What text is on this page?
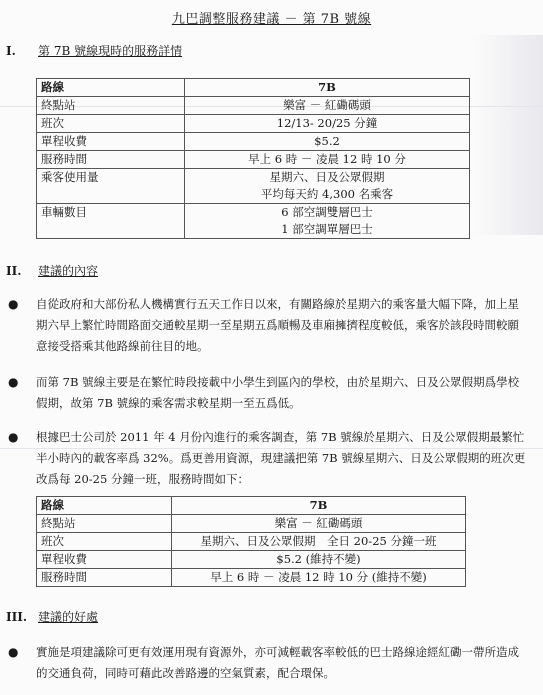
九巴調整服務建議 － 第 7B 號線
I. 第 7B 號線現時的服務詳情
路線	7B
終點站	樂富 － 紅磡碼頭
班次	12/13- 20/25 分鐘
單程收費	$5.2
服務時間	早上 6 時 － 凌晨 12 時 10 分
乘客使用量	星期六、日及公眾假期
平均每天約 4,300 名乘客

車輛數目	6 部空調雙層巴士
1 部空調單層巴士
II. 建議的內容
● 自從政府和大部份私人機構實行五天工作日以來，有關路線於星期六的乘客量大幅下降，加上星期六早上繁忙時間路面交通較星期一至星期五爲順暢及車廂擁擠程度較低，乘客於該段時間較願意接受搭乘其他路線前往目的地。
● 而第 7B 號線主要是在繁忙時段接載中小學生到區內的學校，由於星期六、日及公眾假期爲學校假期，故第 7B 號線的乘客需求較星期一至五爲低。
● 根據巴士公司於 2011 年 4 月份內進行的乘客調查，第 7B 號線於星期六、日及公眾假期最繁忙半小時內的載客率爲 32%。爲更善用資源，現建議把第 7B 號線星期六、日及公眾假期的班次更改爲每 20-25 分鐘一班，服務時間如下：
路線	7B
終點站	樂富 － 紅磡碼頭
班次	星期六、日及公眾假期　全日 20-25 分鐘一班
單程收費	$5.2 (維持不變)
服務時間	早上 6 時 － 凌晨 12 時 10 分 (維持不變)
III. 建議的好處
● 實施是項建議除可更有效運用現有資源外，亦可減輕載客率較低的巴士路線途經紅磡一帶所造成的交通負荷，同時可藉此改善路邊的空氣質素，配合環保。
